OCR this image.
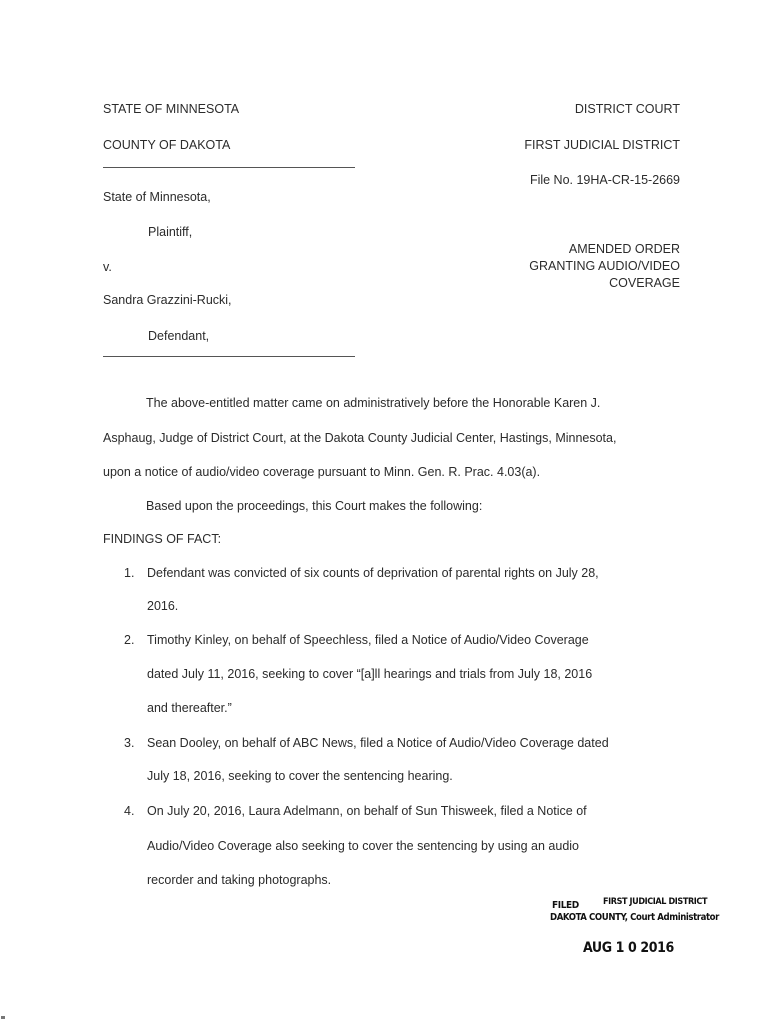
STATE OF MINNESOTA
COUNTY OF DAKOTA
DISTRICT COURT
FIRST JUDICIAL DISTRICT
File No. 19HA-CR-15-2669
State of Minnesota,
Plaintiff,
v.
Sandra Grazzini-Rucki,
Defendant,
AMENDED ORDER
GRANTING AUDIO/VIDEO
COVERAGE
The above-entitled matter came on administratively before the Honorable Karen J.
Asphaug, Judge of District Court, at the Dakota County Judicial Center, Hastings, Minnesota,
upon a notice of audio/video coverage pursuant to Minn. Gen. R. Prac. 4.03(a).
Based upon the proceedings, this Court makes the following:
FINDINGS OF FACT:
1. Defendant was convicted of six counts of deprivation of parental rights on July 28,
2016.
2. Timothy Kinley, on behalf of Speechless, filed a Notice of Audio/Video Coverage
dated July 11, 2016, seeking to cover “[a]ll hearings and trials from July 18, 2016
and thereafter.”
3. Sean Dooley, on behalf of ABC News, filed a Notice of Audio/Video Coverage dated
July 18, 2016, seeking to cover the sentencing hearing.
4. On July 20, 2016, Laura Adelmann, on behalf of Sun Thisweek, filed a Notice of
Audio/Video Coverage also seeking to cover the sentencing by using an audio
recorder and taking photographs.
FILED	FIRST JUDICIAL DISTRICT
DAKOTA COUNTY, Court Administrator
AUG 1 0 2016
